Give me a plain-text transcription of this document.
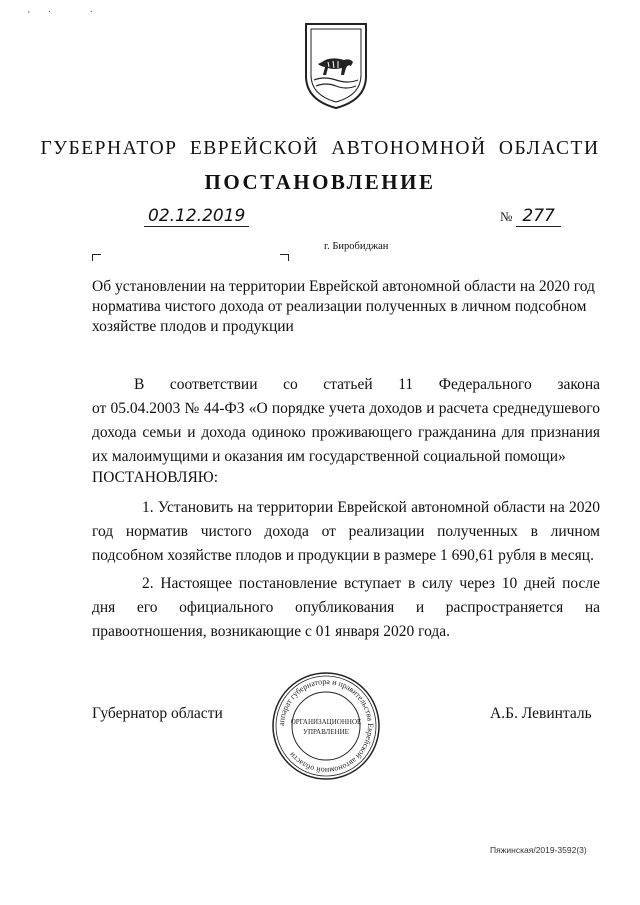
'˙ ˙
ГУБЕРНАТОР ЕВРЕЙСКОЙ АВТОНОМНОЙ ОБЛАСТИ
ПОСТАНОВЛЕНИЕ
02.12.2019	№ 277
г. Биробиджан
Об установлении на территории Еврейской автономной области на 2020 год норматива чистого дохода от реализации полученных в личном подсобном хозяйстве плодов и продукции
В соответствии со статьей 11 Федерального закона
от 05.04.2003 № 44-ФЗ «О порядке учета доходов и расчета среднедушевого дохода семьи и дохода одиноко проживающего гражданина для признания их малоимущими и оказания им государственной социальной помощи»
ПОСТАНОВЛЯЮ:
1. Установить на территории Еврейской автономной области на 2020 год норматив чистого дохода от реализации полученных в личном подсобном хозяйстве плодов и продукции в размере 1 690,61 рубля в месяц.
2. Настоящее постановление вступает в силу через 10 дней после дня его официального опубликования и распространяется на правоотношения, возникающие с 01 января 2020 года.
Губернатор области
аппарат губернатора и правительства Еврейской автономной области
ОРГАНИЗАЦИОННОЕ
УПРАВЛЕНИЕ
А.Б. Левинталь
Пяжинская/2019-3592(3)
